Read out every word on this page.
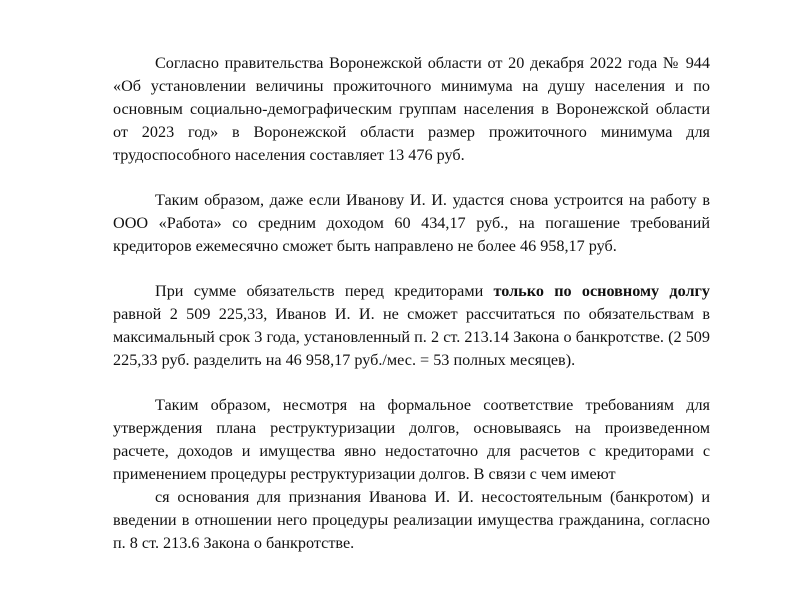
Согласно правительства Воронежской области от 20 декабря 2022 года № 944 «Об установлении величины прожиточного минимума на душу населения и по основным социально-демографическим группам населения в Воронежской области от 2023 год» в Воронежской области размер прожиточного минимума для трудоспособного населения составляет 13 476 руб.

Таким образом, даже если Иванову И. И. удастся снова устроится на работу в ООО «Работа» со средним доходом 60 434,17 руб., на погашение требований кредиторов ежемесячно сможет быть направлено не более 46 958,17 руб.

При сумме обязательств перед кредиторами только по основному долгу равной 2 509 225,33, Иванов И. И. не сможет рассчитаться по обязательствам в максимальный срок 3 года, установленный п. 2 ст. 213.14 Закона о банкротстве. (2 509 225,33 руб. разделить на 46 958,17 руб./мес. = 53 полных месяцев).

Таким образом, несмотря на формальное соответствие требованиям для утверждения плана реструктуризации долгов, основываясь на произведенном расчете, доходов и имущества явно недостаточно для расчетов с кредиторами с применением процедуры реструктуризации долгов. В связи с чем имеют

ся основания для признания Иванова И. И. несостоятельным (банкротом) и введении в отношении него процедуры реализации имущества гражданина, согласно п. 8 ст. 213.6 Закона о банкротстве.
